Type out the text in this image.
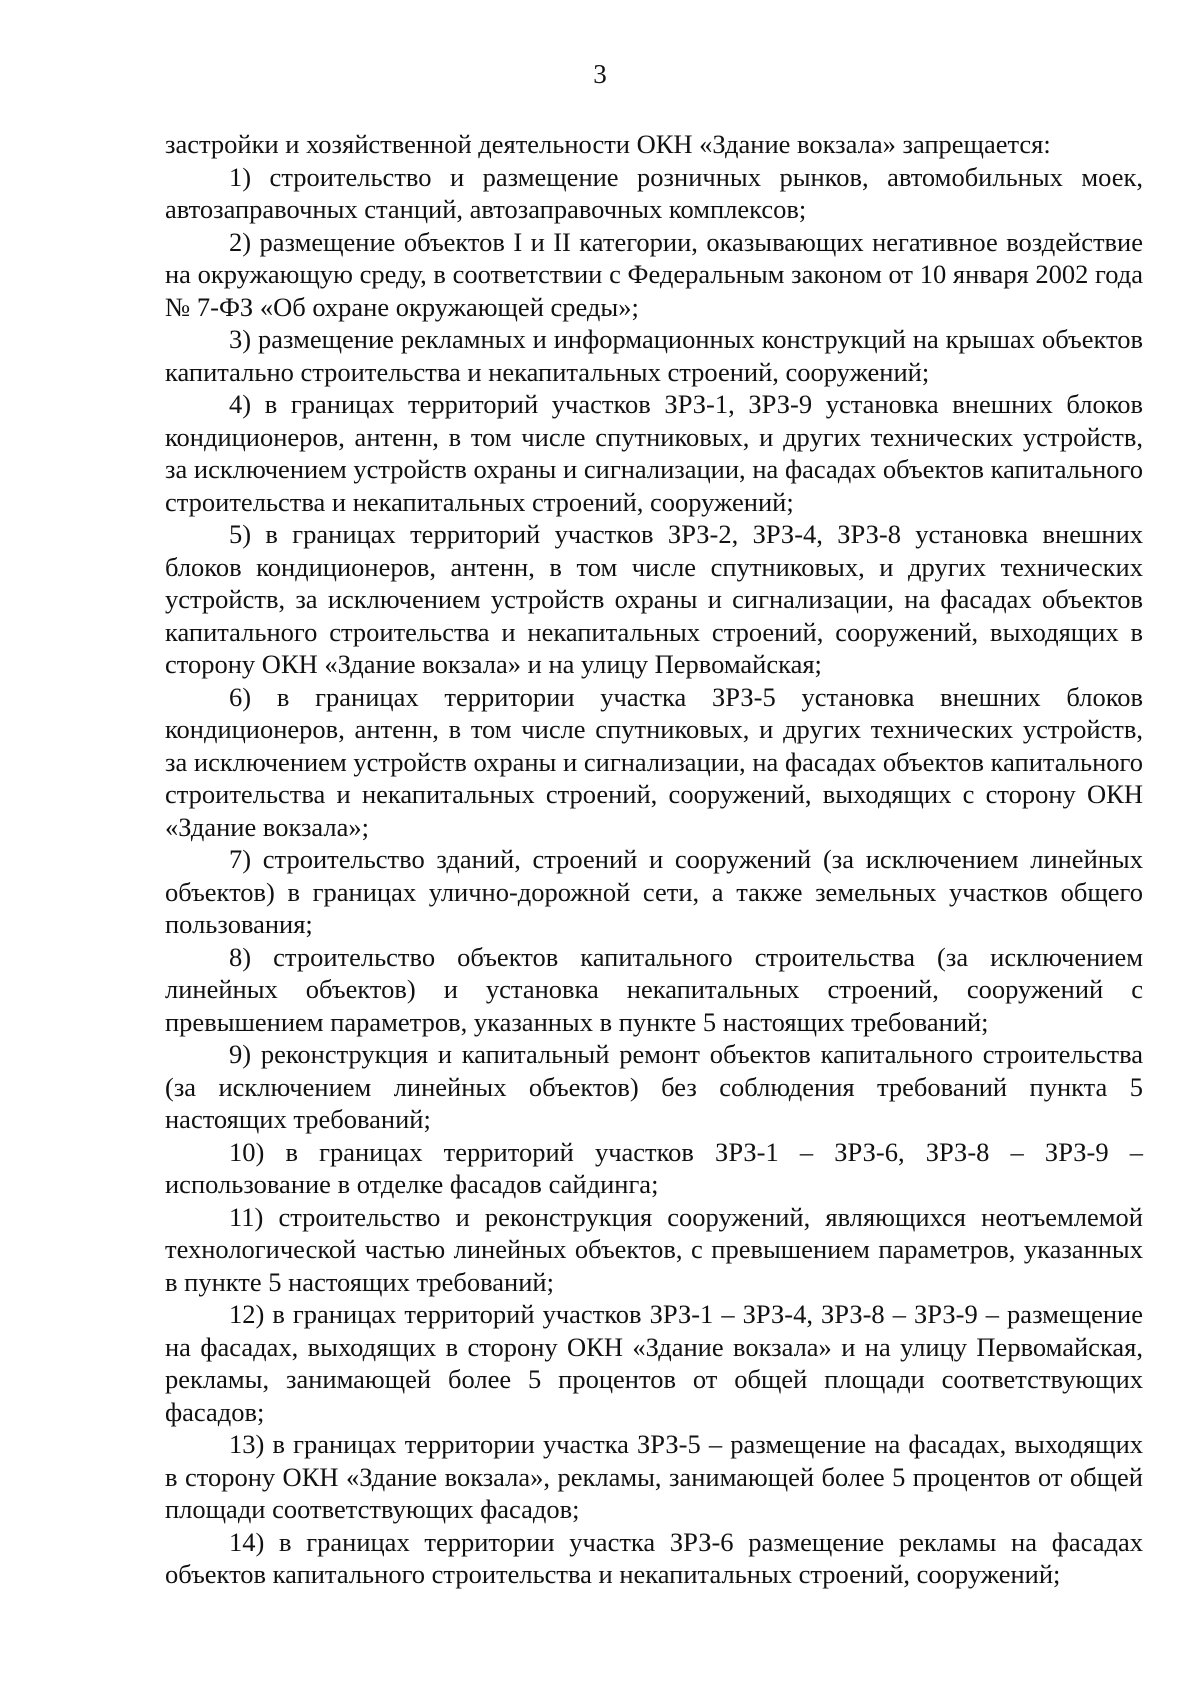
3

застройки и хозяйственной деятельности ОКН «Здание вокзала» запрещается:

1) строительство и размещение розничных рынков, автомобильных моек, автозаправочных станций, автозаправочных комплексов;

2) размещение объектов I и II категории, оказывающих негативное воздействие на окружающую среду, в соответствии с Федеральным законом от 10 января 2002 года № 7-ФЗ «Об охране окружающей среды»;

3) размещение рекламных и информационных конструкций на крышах объектов капитально строительства и некапитальных строений, сооружений;

4) в границах территорий участков ЗРЗ-1, ЗРЗ-9 установка внешних блоков кондиционеров, антенн, в том числе спутниковых, и других технических устройств, за исключением устройств охраны и сигнализации, на фасадах объектов капитального строительства и некапитальных строений, сооружений;

5) в границах территорий участков ЗРЗ-2, ЗРЗ-4, ЗРЗ-8 установка внешних блоков кондиционеров, антенн, в том числе спутниковых, и других технических устройств, за исключением устройств охраны и сигнализации, на фасадах объектов капитального строительства и некапитальных строений, сооружений, выходящих в сторону ОКН «Здание вокзала» и на улицу Первомайская;

6) в границах территории участка ЗРЗ-5 установка внешних блоков кондиционеров, антенн, в том числе спутниковых, и других технических устройств, за исключением устройств охраны и сигнализации, на фасадах объектов капитального строительства и некапитальных строений, сооружений, выходящих с сторону ОКН «Здание вокзала»;

7) строительство зданий, строений и сооружений (за исключением линейных объектов) в границах улично-дорожной сети, а также земельных участков общего пользования;

8) строительство объектов капитального строительства (за исключением линейных объектов) и установка некапитальных строений, сооружений с превышением параметров, указанных в пункте 5 настоящих требований;

9) реконструкция и капитальный ремонт объектов капитального строительства (за исключением линейных объектов) без соблюдения требований пункта 5 настоящих требований;

10) в границах территорий участков ЗРЗ-1 – ЗРЗ-6, ЗРЗ-8 – ЗРЗ-9 – использование в отделке фасадов сайдинга;

11) строительство и реконструкция сооружений, являющихся неотъемлемой технологической частью линейных объектов, с превышением параметров, указанных в пункте 5 настоящих требований;

12) в границах территорий участков ЗРЗ-1 – ЗРЗ-4, ЗРЗ-8 – ЗРЗ-9 – размещение на фасадах, выходящих в сторону ОКН «Здание вокзала» и на улицу Первомайская, рекламы, занимающей более 5 процентов от общей площади соответствующих фасадов;

13) в границах территории участка ЗРЗ-5 – размещение на фасадах, выходящих в сторону ОКН «Здание вокзала», рекламы, занимающей более 5 процентов от общей площади соответствующих фасадов;

14) в границах территории участка ЗРЗ-6 размещение рекламы на фасадах объектов капитального строительства и некапитальных строений, сооружений;
